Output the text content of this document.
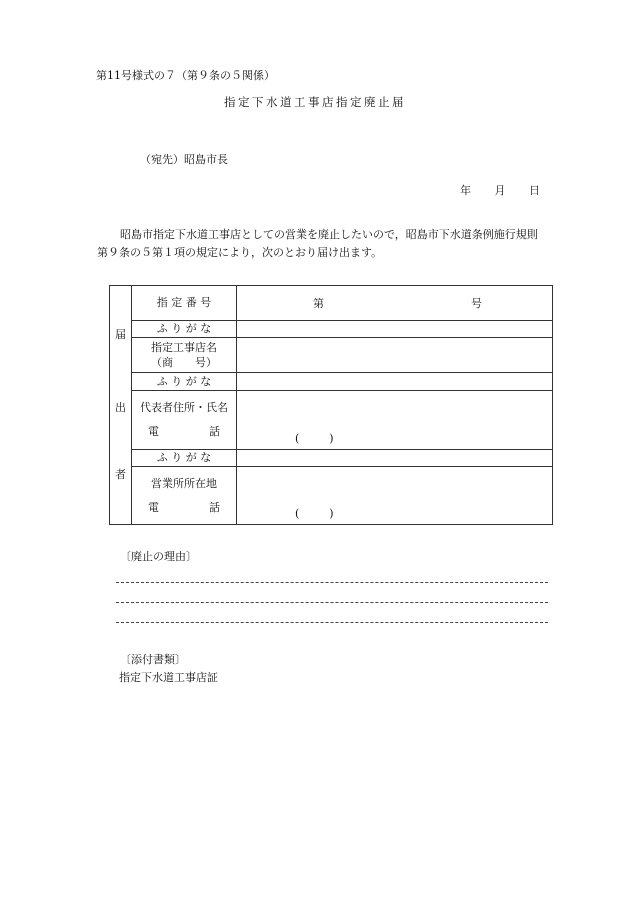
第11号様式の７（第９条の５関係）
指定下水道工事店指定廃止届
（宛先）昭島市長
年 月 日
昭島市指定下水道工事店としての営業を廃止したいので，昭島市下水道条例施行規則
第９条の５第１項の規定により，次のとおり届け出ます。
届
出
者	指 定 番 号	第 号

	ふ り が な	

	指定工事店名
（商　　号）	

	ふ り が な	

	代表者住所・氏名
電 話	( )

	ふ り が な	

	営業所所在地
電 話	( )
〔廃止の理由〕
〔添付書類〕
指定下水道工事店証
